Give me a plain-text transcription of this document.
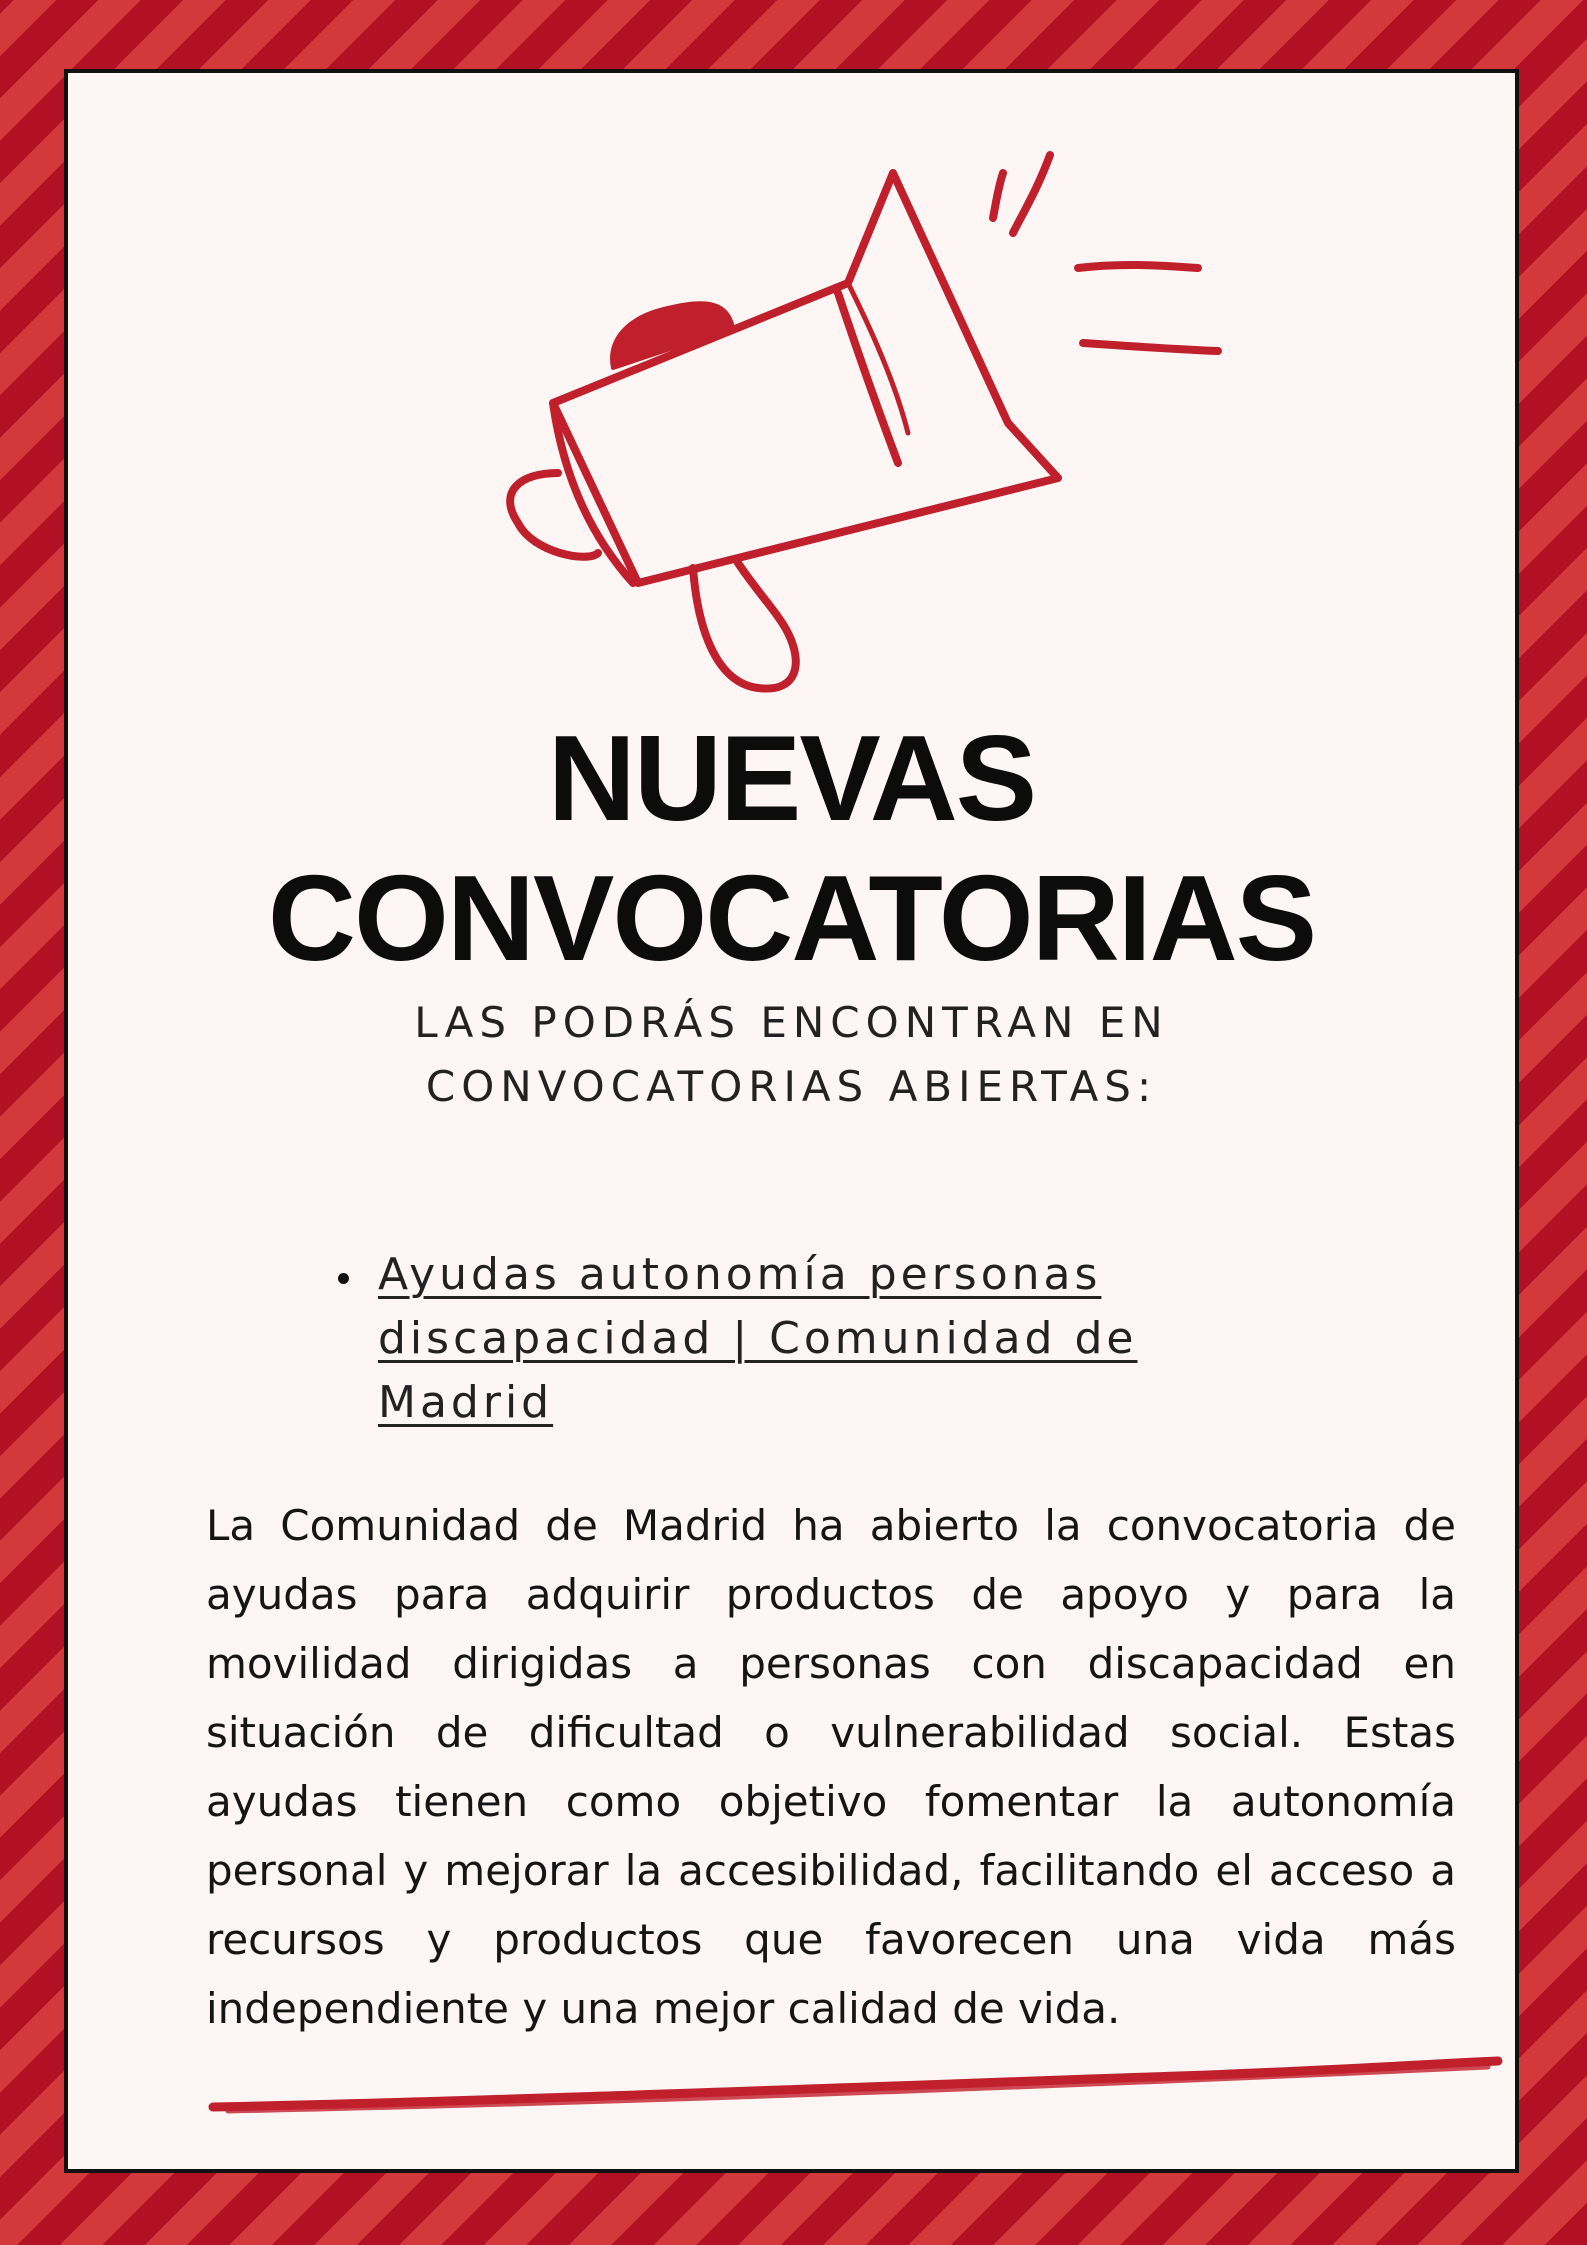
NUEVAS
CONVOCATORIAS

LAS PODRÁS ENCONTRAN EN
CONVOCATORIAS ABIERTAS:

Ayudas autonomía personas discapacidad | Comunidad de Madrid

La Comunidad de Madrid ha abierto la convocatoria de ayudas para adquirir productos de apoyo y para la movilidad dirigidas a personas con discapacidad en situación de dificultad o vulnerabilidad social. Estas ayudas tienen como objetivo fomentar la autonomía personal y mejorar la accesibilidad, facilitando el acceso a recursos y productos que favorecen una vida más independiente y una mejor calidad de vida.
